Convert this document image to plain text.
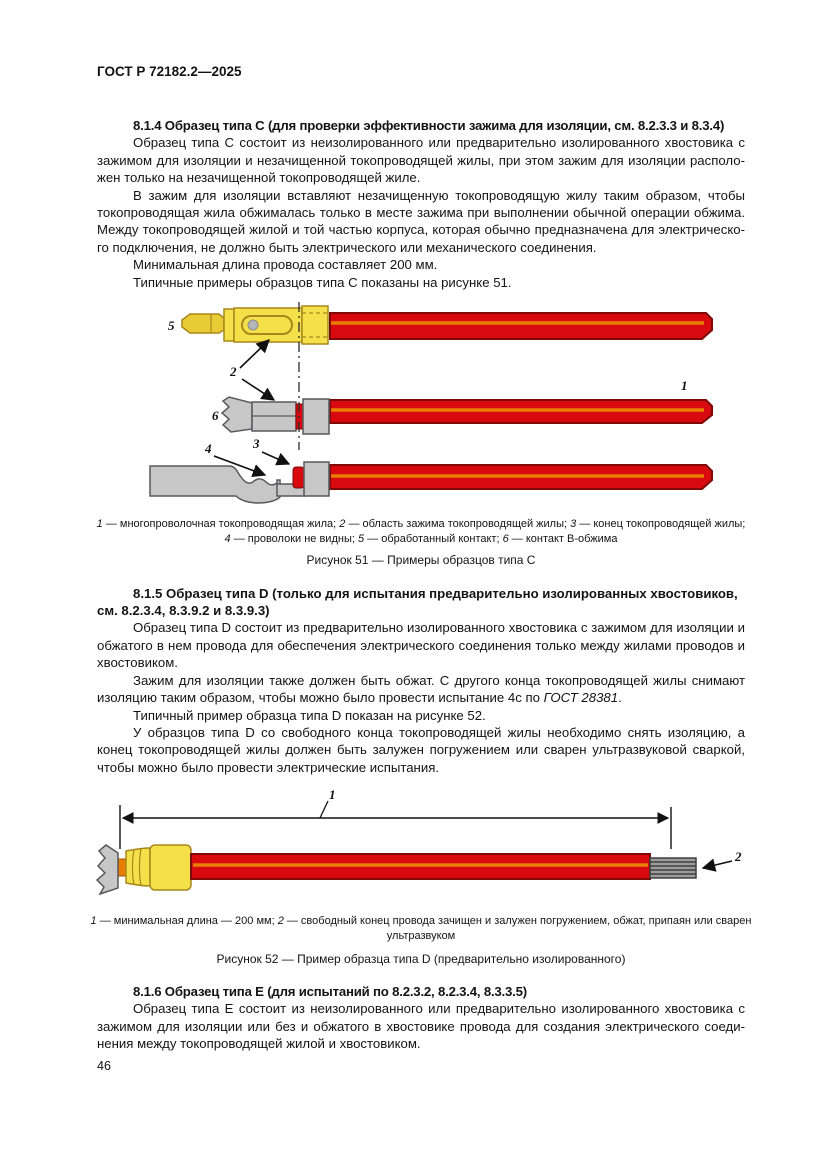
ГОСТ Р 72182.2—2025

8.1.4 Образец типа C (для проверки эффективности зажима для изоляции, см. 8.2.3.3 и 8.3.4)

Образец типа C состоит из неизолированного или предварительно изолированного хвостовика с зажимом для изоляции и незачищенной токопроводящей жилы, при этом зажим для изоляции расположен только на незачищенной токопроводящей жиле.

В зажим для изоляции вставляют незачищенную токопроводящую жилу таким образом, чтобы токопроводящая жила обжималась только в месте зажима при выполнении обычной операции обжима. Между токопроводящей жилой и той частью корпуса, которая обычно предназначена для электрического подключения, не должно быть электрического или механического соединения.

Минимальная длина провода составляет 200 мм.

Типичные примеры образцов типа C показаны на рисунке 51.

5
2
6
1
4	3
1 — многопроволочная токопроводящая жила; 2 — область зажима токопроводящей жилы; 3 — конец токопроводящей жилы;
4 — проволоки не видны; 5 — обработанный контакт; 6 — контакт B-обжима
Рисунок 51 — Примеры образцов типа C

8.1.5 Образец типа D (только для испытания предварительно изолированных хвостовиков,
см. 8.2.3.4, 8.3.9.2 и 8.3.9.3)

Образец типа D состоит из предварительно изолированного хвостовика с зажимом для изоляции и обжатого в нем провода для обеспечения электрического соединения только между жилами проводов и хвостовиком.

Зажим для изоляции также должен быть обжат. С другого конца токопроводящей жилы снимают изоляцию таким образом, чтобы можно было провести испытание 4с по ГОСТ 28381.

Типичный пример образца типа D показан на рисунке 52.

У образцов типа D со свободного конца токопроводящей жилы необходимо снять изоляцию, а конец токопроводящей жилы должен быть залужен погружением или сварен ультразвуковой сваркой, чтобы можно было провести электрические испытания.

1
2
1 — минимальная длина — 200 мм; 2 — свободный конец провода зачищен и залужен погружением, обжат, припаян или сварен ультразвуком
Рисунок 52 — Пример образца типа D (предварительно изолированного)

8.1.6 Образец типа E (для испытаний по 8.2.3.2, 8.2.3.4, 8.3.3.5)

Образец типа E состоит из неизолированного или предварительно изолированного хвостовика с зажимом для изоляции или без и обжатого в хвостовике провода для создания электрического соединения между токопроводящей жилой и хвостовиком.

46
